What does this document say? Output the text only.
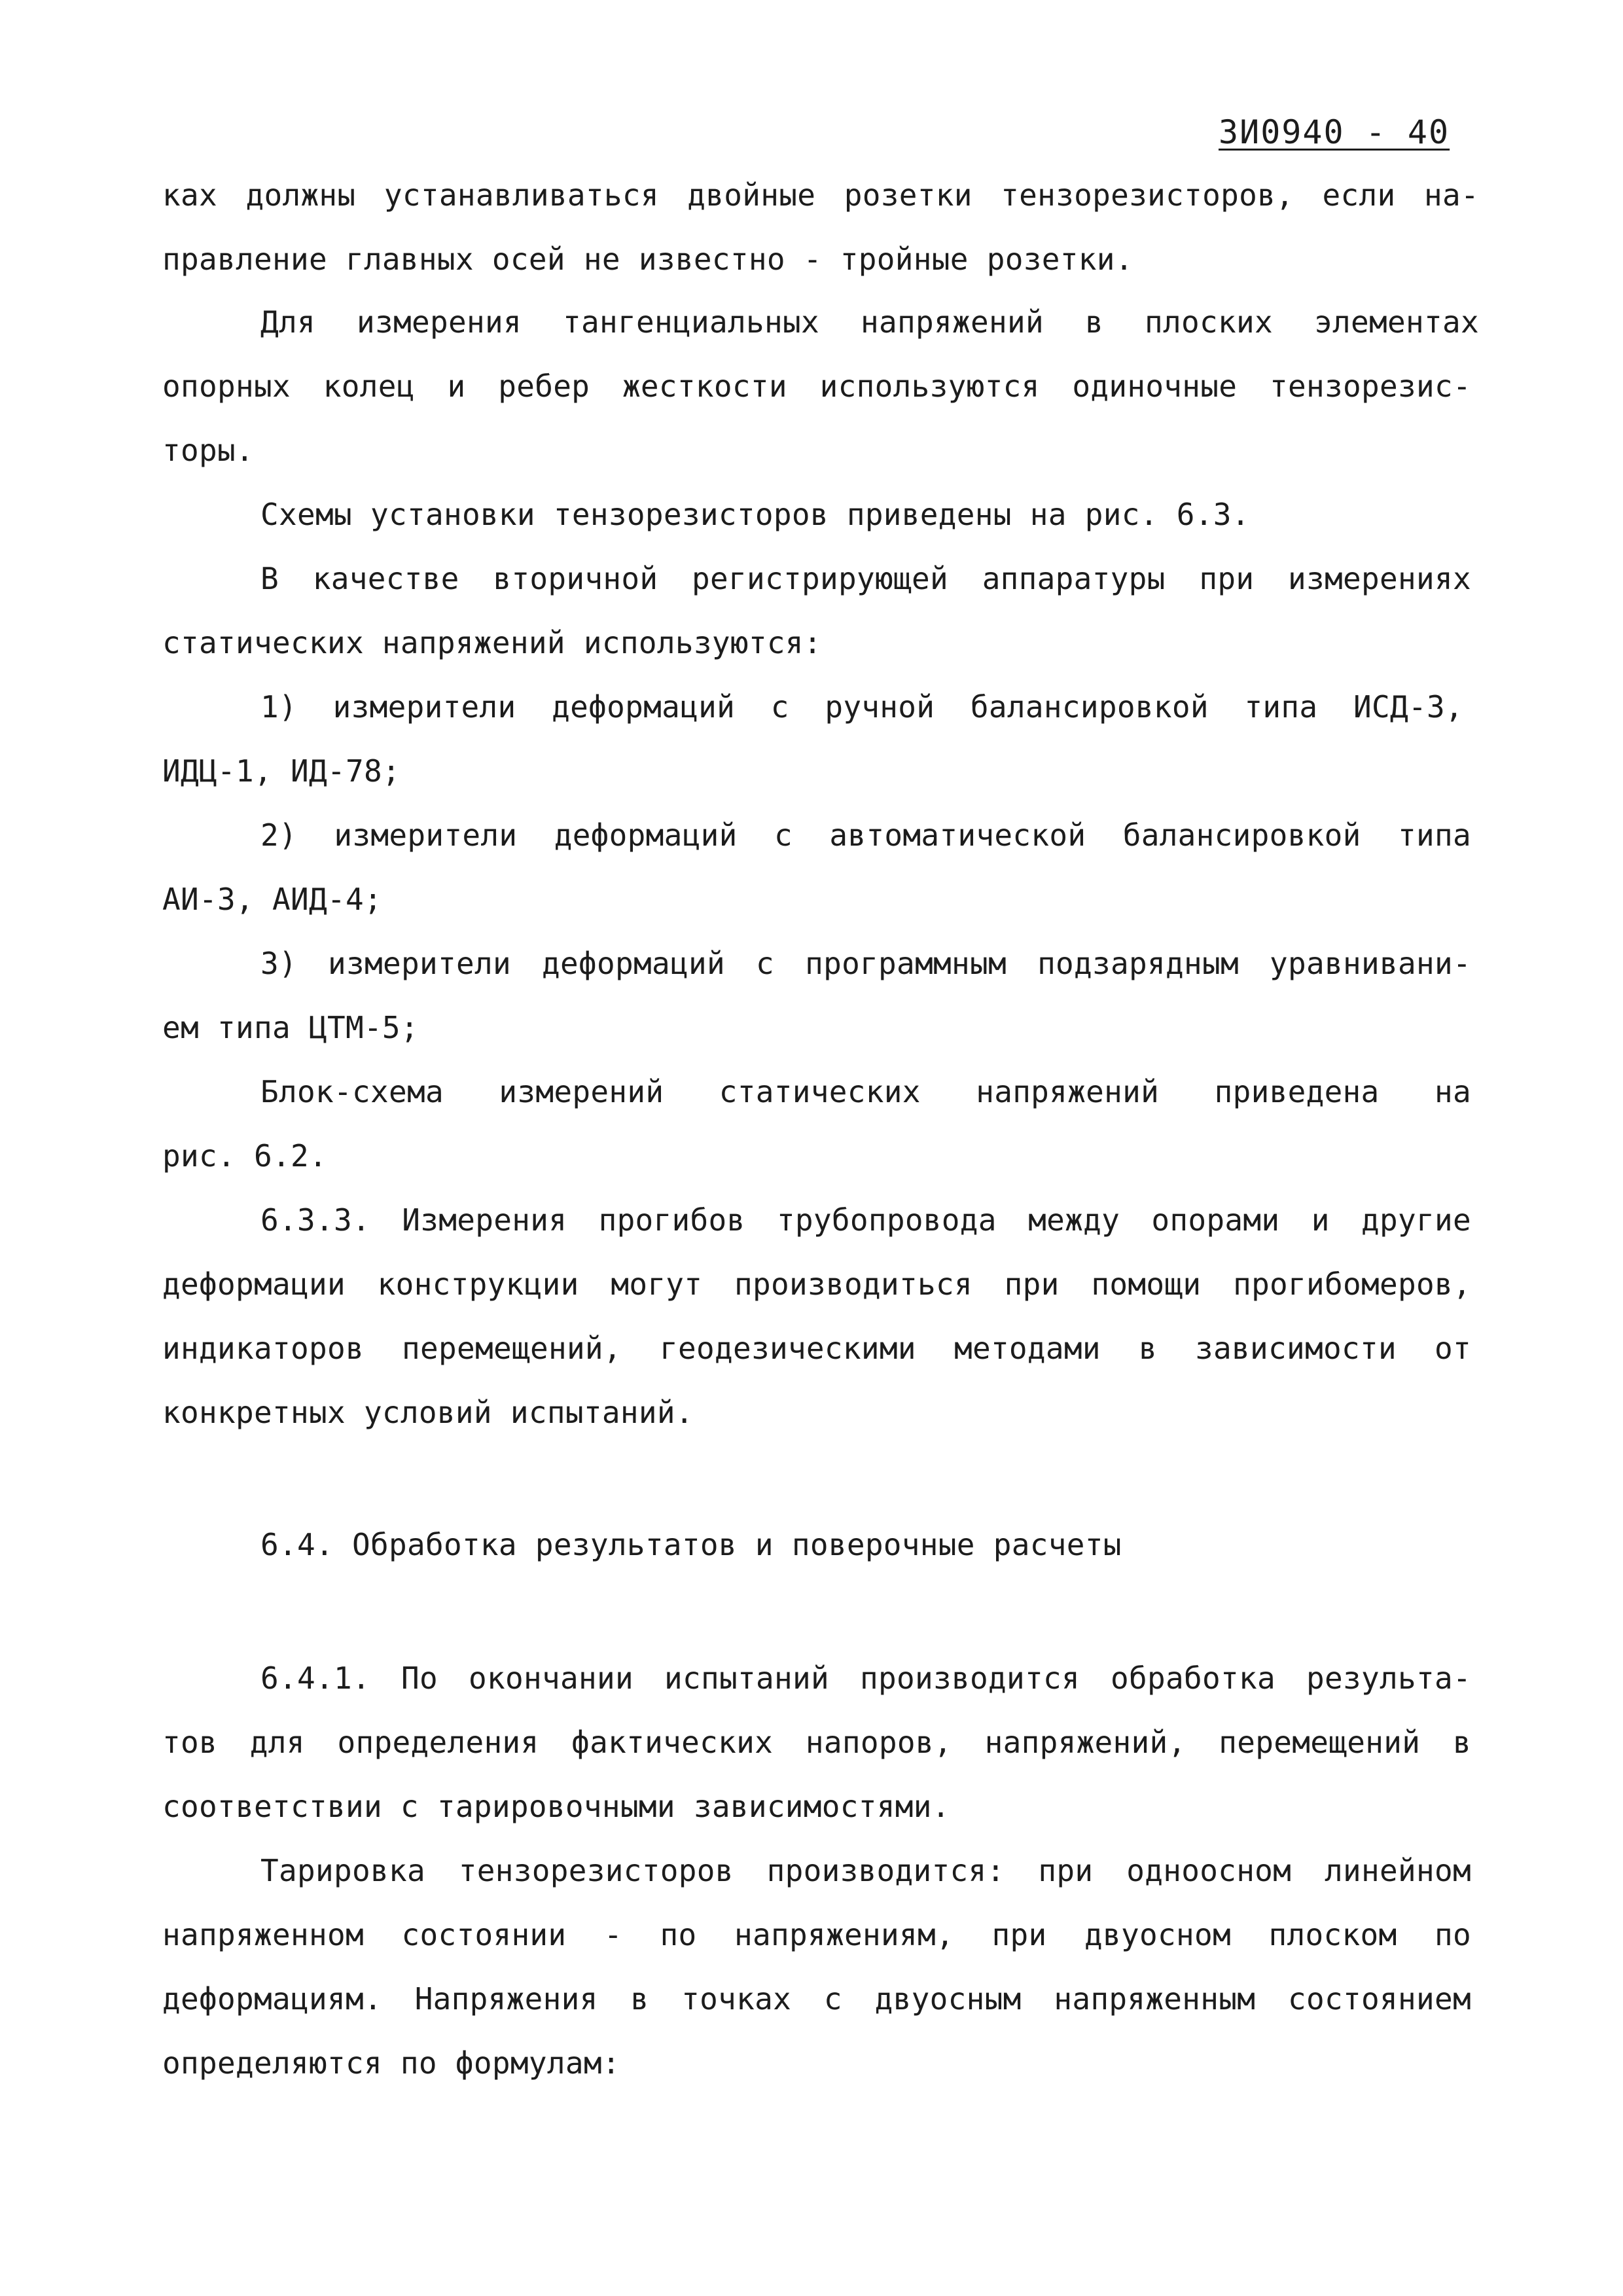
ЗИ0940 - 40
ках должны устанавливаться двойные розетки тензорезисторов, если на-
правление главных осей не известно - тройные розетки.
Для измерения тангенциальных напряжений в плоских элементах
опорных колец и ребер жесткости используются одиночные тензорезис-
торы.
Схемы установки тензорезисторов приведены на рис. 6.3.
В качестве вторичной регистрирующей аппаратуры при измерениях
статических напряжений используются:
1) измерители деформаций с ручной балансировкой типа ИСД-3,
ИДЦ-1, ИД-78;
2) измерители деформаций с автоматической балансировкой типа
АИ-3, АИД-4;
3) измерители деформаций с программным подзарядным уравнивани-
ем типа ЦТМ-5;
Блок-схема измерений статических напряжений приведена на
рис. 6.2.
6.3.3. Измерения прогибов трубопровода между опорами и другие
деформации конструкции могут производиться при помощи прогибомеров,
индикаторов перемещений, геодезическими методами в зависимости от
конкретных условий испытаний.
6.4. Обработка результатов и поверочные расчеты
6.4.1. По окончании испытаний производится обработка результа-
тов для определения фактических напоров, напряжений, перемещений в
соответствии с тарировочными зависимостями.
Тарировка тензорезисторов производится: при одноосном линейном
напряженном состоянии - по напряжениям, при двуосном плоском по
деформациям. Напряжения в точках с двуосным напряженным состоянием
определяются по формулам:
